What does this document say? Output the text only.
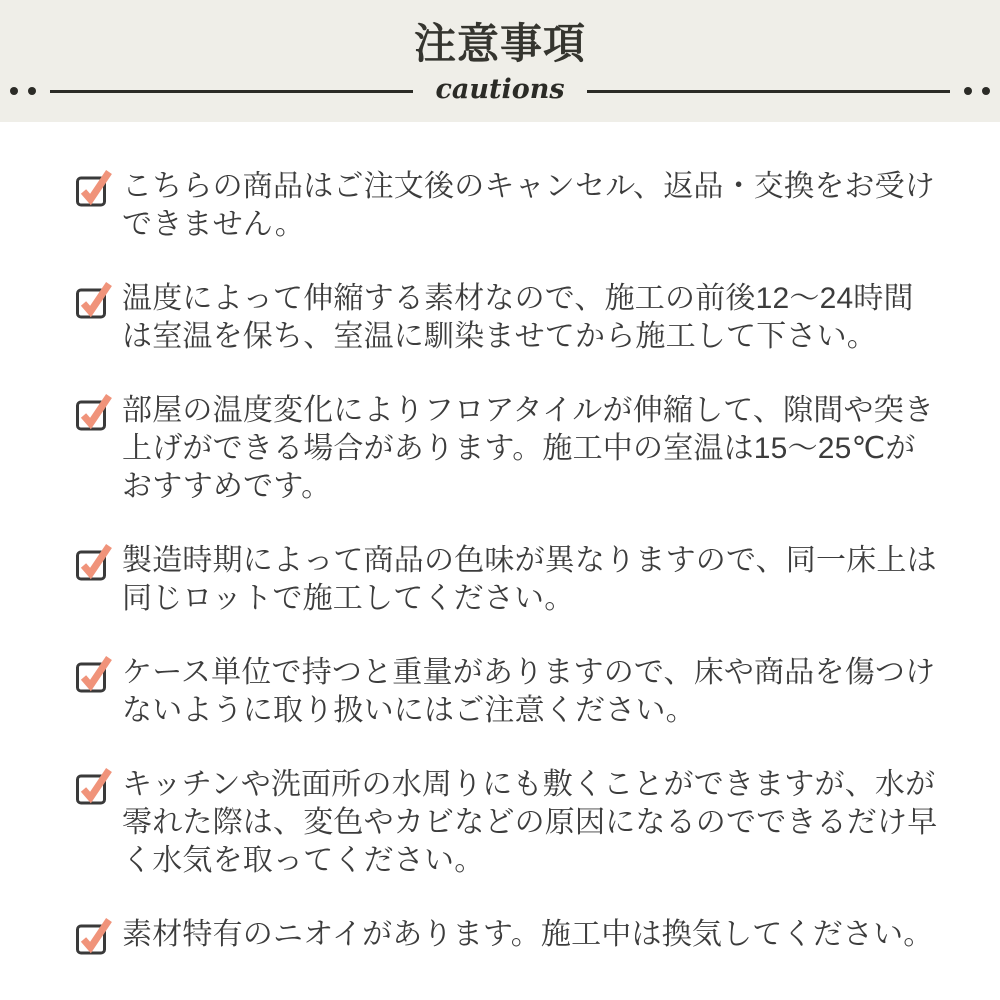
注意事項
cautions

こちらの商品はご注文後のキャンセル、返品・交換をお受けできません。

温度によって伸縮する素材なので、施工の前後12〜24時間は室温を保ち、室温に馴染ませてから施工して下さい。

部屋の温度変化によりフロアタイルが伸縮して、隙間や突き上げができる場合があります。施工中の室温は15〜25℃がおすすめです。

製造時期によって商品の色味が異なりますので、同一床上は同じロットで施工してください。

ケース単位で持つと重量がありますので、床や商品を傷つけないように取り扱いにはご注意ください。

キッチンや洗面所の水周りにも敷くことができますが、水が零れた際は、変色やカビなどの原因になるのでできるだけ早く水気を取ってください。

素材特有のニオイがあります。施工中は換気してください。
